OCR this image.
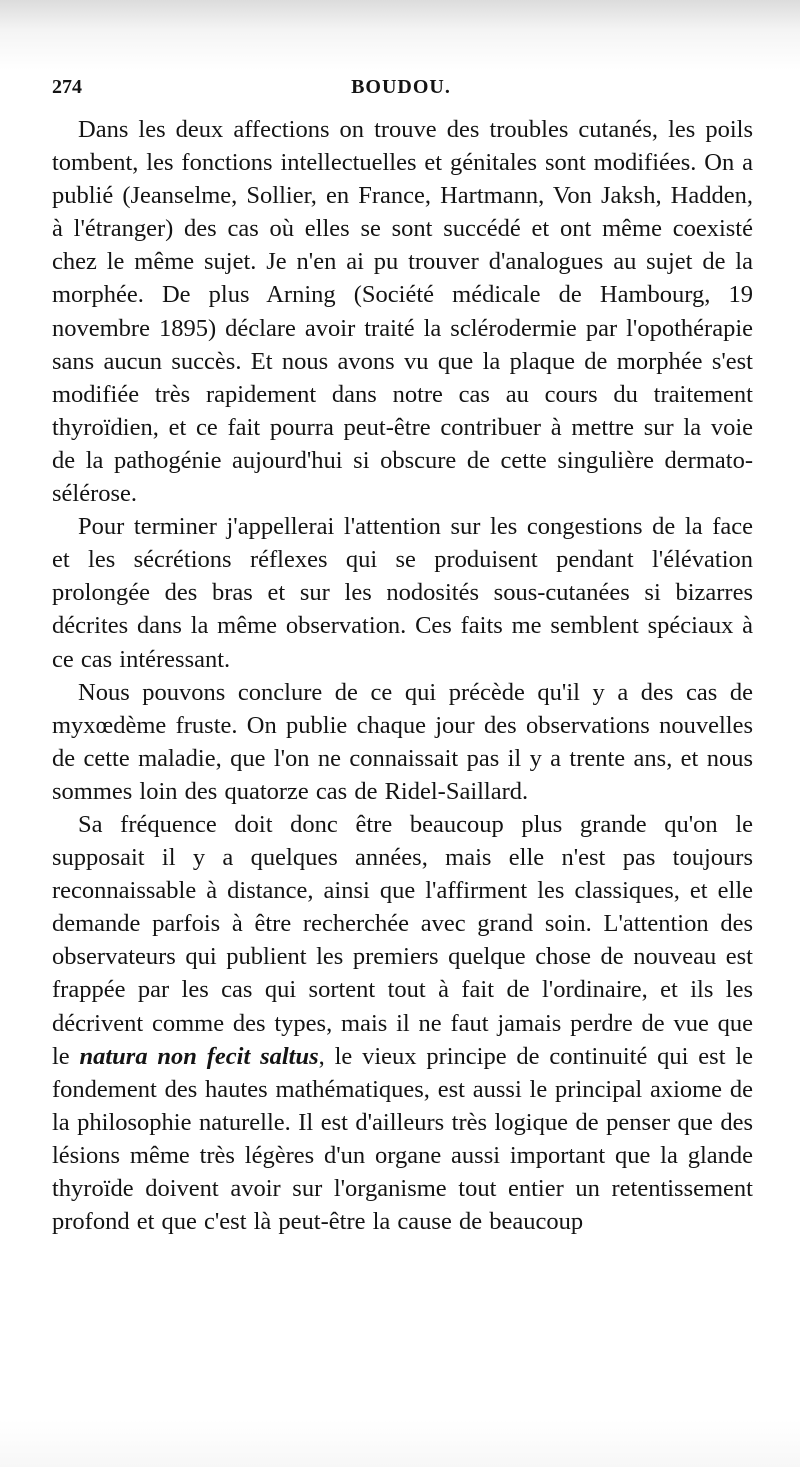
274	BOUDOU.

Dans les deux affections on trouve des troubles cutanés, les poils tombent, les fonctions intellectuelles et génitales sont modifiées. On a publié (Jeanselme, Sollier, en France, Hartmann, Von Jaksh, Hadden, à l'étranger) des cas où elles se sont succédé et ont même coexisté chez le même sujet. Je n'en ai pu trouver d'analogues au sujet de la morphée. De plus Arning (Société médicale de Hambourg, 19 novembre 1895) déclare avoir traité la sclérodermie par l'opothérapie sans aucun succès. Et nous avons vu que la plaque de morphée s'est modifiée très rapidement dans notre cas au cours du traitement thyroïdien, et ce fait pourra peut-être contribuer à mettre sur la voie de la pathogénie aujourd'hui si obscure de cette singulière dermato-sélérose.

Pour terminer j'appellerai l'attention sur les congestions de la face et les sécrétions réflexes qui se produisent pendant l'élévation prolongée des bras et sur les nodosités sous-cutanées si bizarres décrites dans la même observation. Ces faits me semblent spéciaux à ce cas intéressant.

Nous pouvons conclure de ce qui précède qu'il y a des cas de myxœdème fruste. On publie chaque jour des observations nouvelles de cette maladie, que l'on ne connaissait pas il y a trente ans, et nous sommes loin des quatorze cas de Ridel-Saillard.

Sa fréquence doit donc être beaucoup plus grande qu'on le supposait il y a quelques années, mais elle n'est pas toujours reconnaissable à distance, ainsi que l'affirment les classiques, et elle demande parfois à être recherchée avec grand soin. L'attention des observateurs qui publient les premiers quelque chose de nouveau est frappée par les cas qui sortent tout à fait de l'ordinaire, et ils les décrivent comme des types, mais il ne faut jamais perdre de vue que le natura non fecit saltus, le vieux principe de continuité qui est le fondement des hautes mathématiques, est aussi le principal axiome de la philosophie naturelle. Il est d'ailleurs très logique de penser que des lésions même très légères d'un organe aussi important que la glande thyroïde doivent avoir sur l'organisme tout entier un retentissement profond et que c'est là peut-être la cause de beaucoup
